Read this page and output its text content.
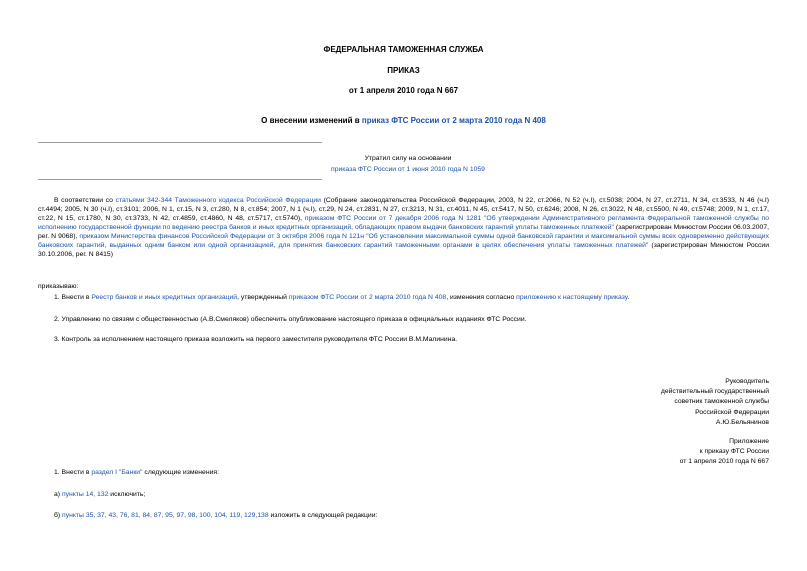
ФЕДЕРАЛЬНАЯ ТАМОЖЕННАЯ СЛУЖБА
ПРИКАЗ
от 1 апреля 2010 года N 667
О внесении изменений в приказ ФТС России от 2 марта 2010 года N 408
Утратил силу на основании
приказа ФТС России от 1 июня 2010 года N 1059
В соответствии со статьями 342-344 Таможенного кодекса Российской Федерации (Собрание законодательства Российской Федерации, 2003, N 22, ст.2066, N 52 (ч.I), ст.5038; 2004, N 27, ст.2711, N 34, ст.3533, N 46 (ч.I) ст.4494; 2005, N 30 (ч.I), ст.3101; 2006, N 1, ст.15, N 3, ст.280, N 8, ст.854; 2007, N 1 (ч.I), ст.29, N 24, ст.2831, N 27, ст.3213, N 31, ст.4011, N 45, ст.5417, N 50, ст.6246; 2008, N 26, ст.3022, N 48, ст.5500, N 49, ст.5748; 2009, N 1, ст.17, ст.22, N 15, ст.1780, N 30, ст.3733, N 42, ст.4859, ст.4860, N 48, ст.5717, ст.5740), приказом ФТС России от 7 декабря 2006 года N 1281 "Об утверждении Административного регламента Федеральной таможенной службы по исполнению государственной функции по ведению реестра банков и иных кредитных организаций, обладающих правом выдачи банковских гарантий уплаты таможенных платежей" (зарегистрирован Минюстом России 06.03.2007, рег. N 9068), приказом Министерства финансов Российской Федерации от 3 октября 2006 года N 121н "Об установлении максимальной суммы одной банковской гарантии и максимальной суммы всех одновременно действующих банковских гарантий, выданных одним банком или одной организацией, для принятия банковских гарантий таможенными органами в целях обеспечения уплаты таможенных платежей" (зарегистрирован Минюстом России 30.10.2006, рег. N 8415)
приказываю:
1. Внести в Реестр банков и иных кредитных организаций, утвержденный приказом ФТС России от 2 марта 2010 года N 408, изменения согласно приложению к настоящему приказу.
2. Управлению по связям с общественностью (А.В.Смеляков) обеспечить опубликование настоящего приказа в официальных изданиях ФТС России.
3. Контроль за исполнением настоящего приказа возложить на первого заместителя руководителя ФТС России В.М.Малинина.
Руководитель
действительный государственный
советник таможенной службы
Российской Федерации
А.Ю.Бельянинов
Приложение
к приказу ФТС России
от 1 апреля 2010 года N 667
1. Внести в раздел I "Банки" следующие изменения:
а) пункты 14, 132 исключить;
б) пункты 35, 37, 43, 76, 81, 84, 87, 95, 97, 98, 100, 104, 119, 129,138 изложить в следующей редакции:
